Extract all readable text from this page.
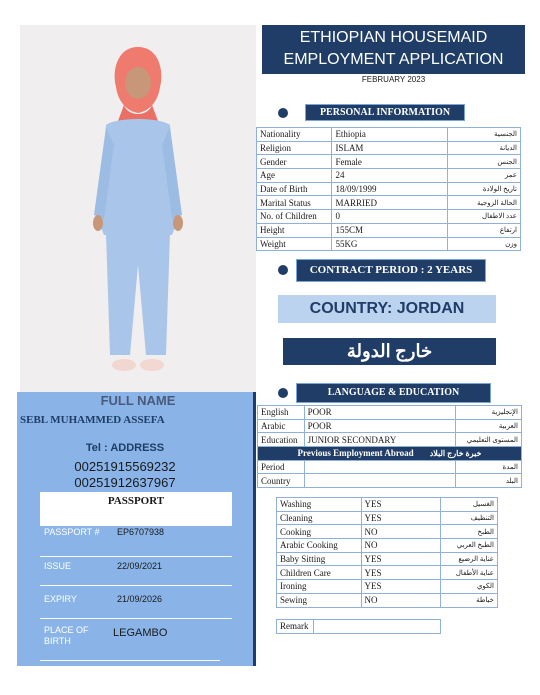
ETHIOPIAN HOUSEMAID EMPLOYMENT APPLICATION
FEBRUARY 2023
PERSONAL INFORMATION
Nationality	Ethiopia	الجنسية
Religion	ISLAM	الديانة
Gender	Female	الجنس
Age	24	عمر
Date of Birth	18/09/1999	تاريخ الولادة
Marital Status	MARRIED	الحالة الزوجية
No. of Children	0	عدد الاطفال
Height	155CM	ارتفاع
Weight	55KG	وزن
CONTRACT PERIOD : 2 YEARS
COUNTRY: JORDAN
خارج الدولة
LANGUAGE & EDUCATION
English	POOR	الإنجليزية
Arabic	POOR	العربية
Education	JUNIOR SECONDARY	المستوى التعليمي
Previous Employment Abroad خبرة خارج البلاد		
Period		المدة
Country		البلد
Washing	YES	الغسيل
Cleaning	YES	التنظيف
Cooking	NO	الطبخ
Arabic Cooking	NO	الطبخ العربي
Baby Sitting	YES	عناية الرضيع
Children Care	YES	عناية الأطفال
Ironing	YES	الكوي
Sewing	NO	خياطة
Remark	
FULL NAME
SEBL MUHAMMED ASSEFA
Tel : ADDRESS
00251915569232
00251912637967
PASSPORT
PASSPORT # EP6707938
ISSUE	22/09/2021
EXPIRY	21/09/2026
PLACE OF BIRTH
LEGAMBO
